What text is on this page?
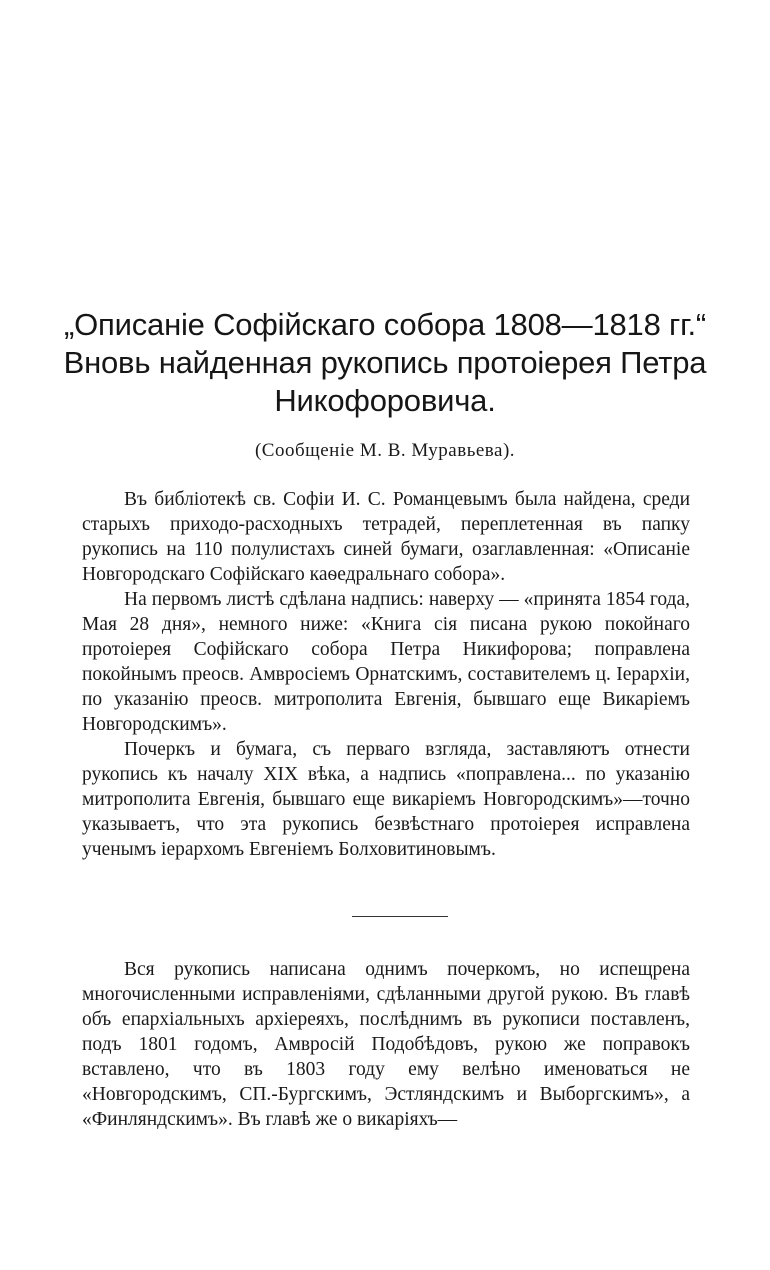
„Описаніе Софійскаго собора 1808—1818 гг.“
Вновь найденная рукопись протоіерея Петра
Никофоровича.
(Сообщеніе М. В. Муравьева).

Въ библіотекѣ св. Софіи И. С. Романцевымъ была найдена, среди старыхъ приходо-расходныхъ тетрадей, переплетенная въ папку рукопись на 110 полулистахъ синей бумаги, озаглавленная: «Описаніе Новгородскаго Софійскаго каѳедральнаго собора».

На первомъ листѣ сдѣлана надпись: наверху — «принята 1854 года, Мая 28 дня», немного ниже: «Книга сія писана рукою покойнаго протоіерея Софійскаго собора Петра Никифорова; поправлена покойнымъ преосв. Амвросіемъ Орнатскимъ, составителемъ ц. Іерархіи, по указанію преосв. митрополита Евгенія, бывшаго еще Викаріемъ Новгородскимъ».

Почеркъ и бумага, съ перваго взгляда, заставляютъ отнести рукопись къ началу XIX вѣка, а надпись «поправлена... по указанію митрополита Евгенія, бывшаго еще викаріемъ Новгородскимъ»—точно указываетъ, что эта рукопись безвѣстнаго протоіерея исправлена ученымъ іерархомъ Евгеніемъ Болховитиновымъ.

Вся рукопись написана однимъ почеркомъ, но испещрена многочисленными исправленіями, сдѣланными другой рукою. Въ главѣ объ епархіальныхъ архіереяхъ, послѣднимъ въ рукописи поставленъ, подъ 1801 годомъ, Амвросій Подобѣдовъ, рукою же поправокъ вставлено, что въ 1803 году ему велѣно именоваться не «Новгородскимъ, СП.-Бургскимъ, Эстляндскимъ и Выборгскимъ», а «Финляндскимъ». Въ главѣ же о викаріяхъ—
